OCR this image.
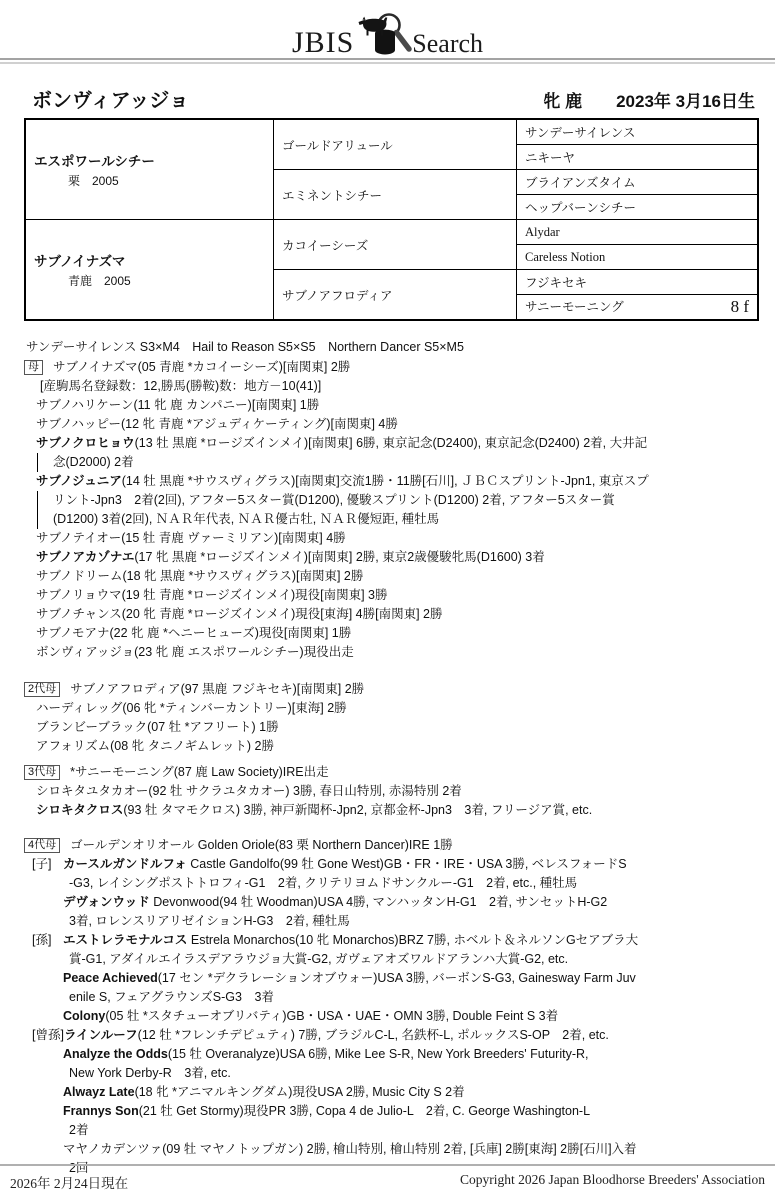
JBIS Search
ボンヴィアッジョ	牝 鹿 2023年 3月16日生
エスポワールシチー
栗　2005	ゴールドアリュール	サンデーサイレンス
		ニキーヤ
	エミネントシチー	ブライアンズタイム
		ヘップバーンシチー

サブノイナズマ
青鹿　2005	カコイーシーズ	Alydar
		Careless Notion
	サブノアフロディア	フジキセキ
		サニーモーニング 8 f
サンデーサイレンス S3×M4　Hail to Reason S5×S5　Northern Dancer S5×M5
母 サブノイナズマ(05 青鹿 *カコイーシーズ)[南関東] 2勝
[産駒馬名登録数：12,勝馬(勝鞍)数：地方－10(41)]
サブノハリケーン(11 牝 鹿 カンパニー)[南関東] 1勝
サブノハッピー(12 牝 青鹿 *アジュディケーティング)[南関東] 4勝
サブノクロヒョウ(13 牡 黒鹿 *ロージズインメイ)[南関東] 6勝, 東京記念(D2400), 東京記念(D2400) 2着, 大井記
念(D2000) 2着
サブノジュニア(14 牡 黒鹿 *サウスヴィグラス)[南関東]交流1勝・11勝[石川], ＪＢＣスプリント-Jpn1, 東京スプ
リント-Jpn3　2着(2回), アフター5スター賞(D1200), 優駿スプリント(D1200) 2着, アフター5スター賞
(D1200) 3着(2回), ＮＡＲ年代表, ＮＡＲ優古牡, ＮＡＲ優短距, 種牡馬
サブノテイオー(15 牡 青鹿 ヴァーミリアン)[南関東] 4勝
サブノアカゾナエ(17 牝 黒鹿 *ロージズインメイ)[南関東] 2勝, 東京2歳優駿牝馬(D1600) 3着
サブノドリーム(18 牝 黒鹿 *サウスヴィグラス)[南関東] 2勝
サブノリョウマ(19 牡 青鹿 *ロージズインメイ)現役[南関東] 3勝
サブノチャンス(20 牝 青鹿 *ロージズインメイ)現役[東海] 4勝[南関東] 2勝
サブノモアナ(22 牝 鹿 *ヘニーヒューズ)現役[南関東] 1勝
ボンヴィアッジョ(23 牝 鹿 エスポワールシチー)現役出走
2代母 サブノアフロディア(97 黒鹿 フジキセキ)[南関東] 2勝
ハーディレッグ(06 牝 *ティンバーカントリー)[東海] 2勝
ブランビーブラック(07 牡 *アフリート) 1勝
アフォリズム(08 牝 タニノギムレット) 2勝
3代母 *サニーモーニング(87 鹿 Law Society)IRE出走
シロキタユタカオー(92 牡 サクラユタカオー) 3勝, 春日山特別, 赤湯特別 2着
シロキタクロス(93 牡 タマモクロス) 3勝, 神戸新聞杯-Jpn2, 京都金杯-Jpn3　3着, フリージア賞, etc.
4代母 ゴールデンオリオール Golden Oriole(83 栗 Northern Dancer)IRE 1勝
[子] カースルガンドルフォ Castle Gandolfo(99 牡 Gone West)GB・FR・IRE・USA 3勝, ベレスフォードS
-G3, レイシングポストトロフィ-G1　2着, クリテリヨムドサンクルー-G1　2着, etc., 種牡馬
デヴォンウッド Devonwood(94 牡 Woodman)USA 4勝, マンハッタンH-G1　2着, サンセットH-G2
3着, ロレンスリアリゼイションH-G3　2着, 種牡馬
[孫] エストレラモナルコス Estrela Monarchos(10 牝 Monarchos)BRZ 7勝, ホベルト＆ネルソンGセアブラ大
賞-G1, アダイルエイラスデアラウジョ大賞-G2, ガヴェアオズワルドアランハ大賞-G2, etc.
Peace Achieved(17 セン *デクラレーションオブウォー)USA 3勝, バーボンS-G3, Gainesway Farm Juv
enile S, フェアグラウンズS-G3　3着
Colony(05 牡 *スタチューオブリバティ)GB・USA・UAE・OMN 3勝, Double Feint S 3着
[曾孫]ラインルーフ(12 牡 *フレンチデピュティ) 7勝, ブラジルC-L, 名鉄杯-L, ポルックスS-OP　2着, etc.
Analyze the Odds(15 牡 Overanalyze)USA 6勝, Mike Lee S-R, New York Breeders' Futurity-R,
New York Derby-R　3着, etc.
Alwayz Late(18 牝 *アニマルキングダム)現役USA 2勝, Music City S 2着
Frannys Son(21 牡 Get Stormy)現役PR 3勝, Copa 4 de Julio-L　2着, C. George Washington-L
2着
マヤノカデンツァ(09 牡 マヤノトップガン) 2勝, 檜山特別, 檜山特別 2着, [兵庫] 2勝[東海] 2勝[石川]入着
2回
2026年 2月24日現在	Copyright 2026 Japan Bloodhorse Breeders' Association
